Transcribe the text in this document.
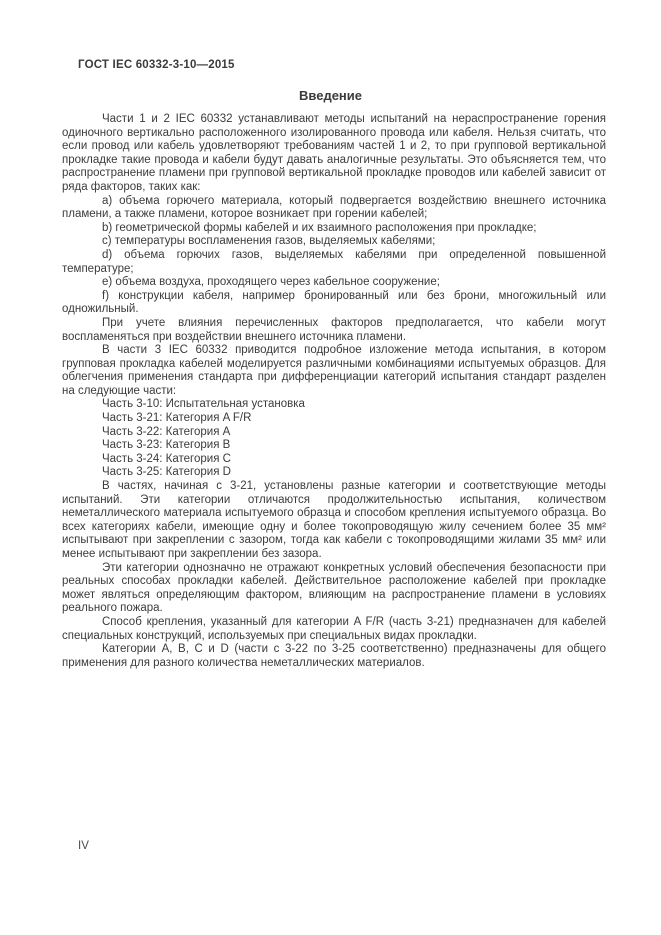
ГОСТ IEC 60332-3-10—2015
Введение

Части 1 и 2 IEC 60332 устанавливают методы испытаний на нераспространение горения одиночного вертикально расположенного изолированного провода или кабеля. Нельзя считать, что если провод или кабель удовлетворяют требованиям частей 1 и 2, то при групповой вертикальной прокладке такие провода и кабели будут давать аналогичные результаты. Это объясняется тем, что распространение пламени при групповой вертикальной прокладке проводов или кабелей зависит от ряда факторов, таких как:

a) объема горючего материала, который подвергается воздействию внешнего источника пламени, а также пламени, которое возникает при горении кабелей;

b) геометрической формы кабелей и их взаимного расположения при прокладке;

c) температуры воспламенения газов, выделяемых кабелями;

d) объема горючих газов, выделяемых кабелями при определенной повышенной температуре;

e) объема воздуха, проходящего через кабельное сооружение;

f) конструкции кабеля, например бронированный или без брони, многожильный или одножильный.

При учете влияния перечисленных факторов предполагается, что кабели могут воспламеняться при воздействии внешнего источника пламени.

В части 3 IEC 60332 приводится подробное изложение метода испытания, в котором групповая прокладка кабелей моделируется различными комбинациями испытуемых образцов. Для облегчения применения стандарта при дифференциации категорий испытания стандарт разделен на следующие части:

Часть 3-10: Испытательная установка

Часть 3-21: Категория A F/R

Часть 3-22: Категория A

Часть 3-23: Категория B

Часть 3-24: Категория C

Часть 3-25: Категория D

В частях, начиная с 3-21, установлены разные категории и соответствующие методы испытаний. Эти категории отличаются продолжительностью испытания, количеством неметаллического материала испытуемого образца и способом крепления испытуемого образца. Во всех категориях кабели, имеющие одну и более токопроводящую жилу сечением более 35 мм² испытывают при закреплении с зазором, тогда как кабели с токопроводящими жилами 35 мм² или менее испытывают при закреплении без зазора.

Эти категории однозначно не отражают конкретных условий обеспечения безопасности при реальных способах прокладки кабелей. Действительное расположение кабелей при прокладке может являться определяющим фактором, влияющим на распространение пламени в условиях реального пожара.

Способ крепления, указанный для категории A F/R (часть 3-21) предназначен для кабелей специальных конструкций, используемых при специальных видах прокладки.

Категории A, B, C и D (части с 3-22 по 3-25 соответственно) предназначены для общего применения для разного количества неметаллических материалов.

IV
